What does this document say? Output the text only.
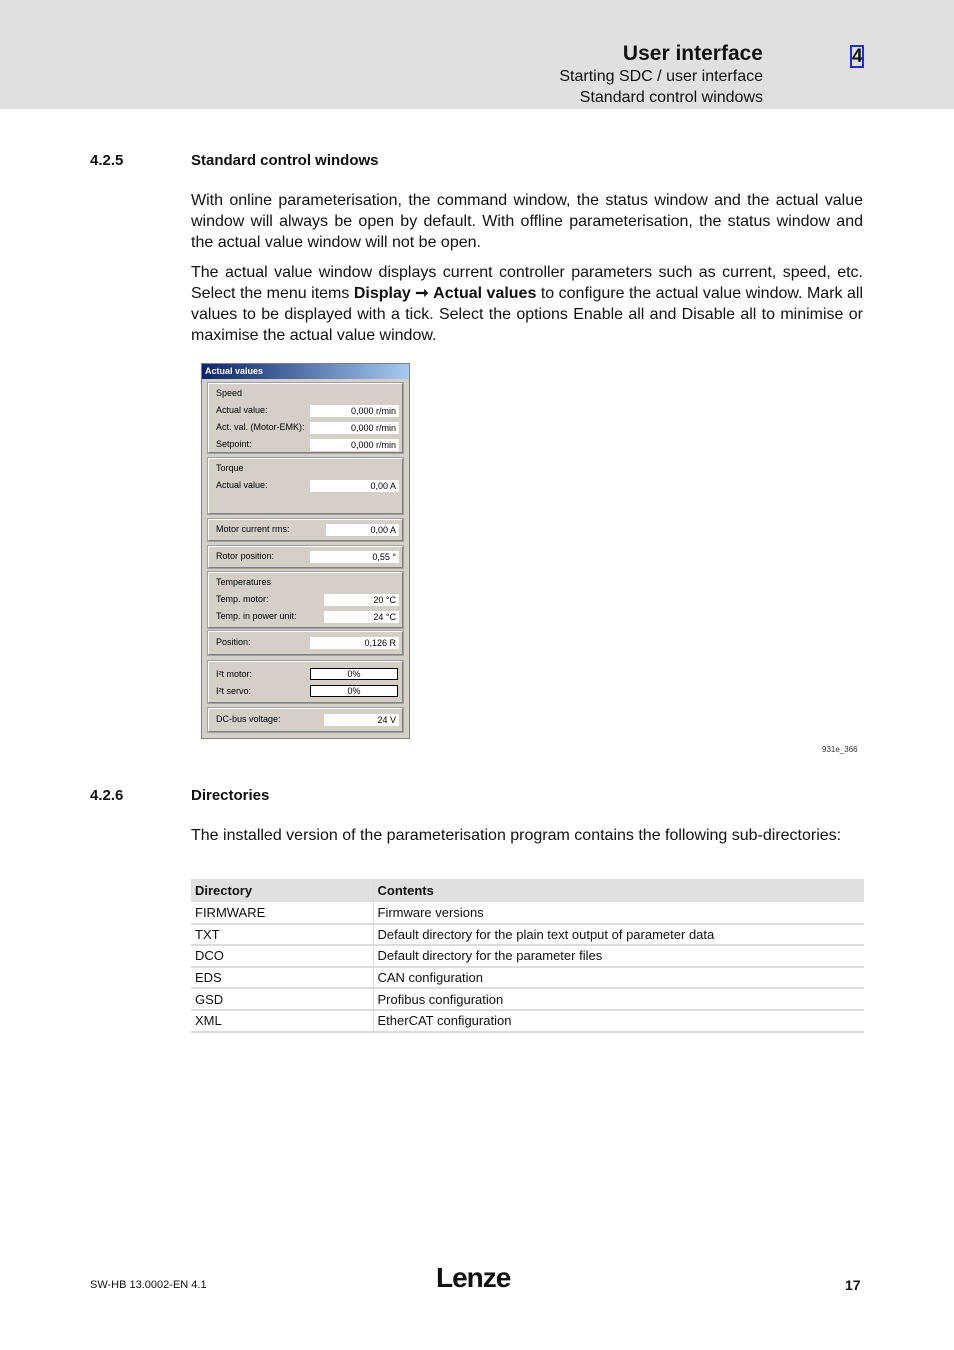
User interface
Starting SDC / user interface
Standard control windows
4
4.2.5	Standard control windows
With online parameterisation, the command window, the status window and the actual value window will always be open by default. With offline parameterisation, the status window and the actual value window will not be open.
The actual value window displays current controller parameters such as current, speed, etc. Select the menu items Display ➞ Actual values to configure the actual value window. Mark all values to be displayed with a tick. Select the options Enable all and Disable all to minimise or maximise the actual value window.
Actual values
Speed
Actual value:	0,000 r/min
Act. val. (Motor-EMK):	0,000 r/min
Setpoint:	0,000 r/min
Torque
Actual value:	0,00 A
Motor current rms:	0,00 A
Rotor position:	0,55 °
Temperatures
Temp. motor:	20 °C
Temp. in power unit:	24 °C
Position:	0,126 R
I²t motor:	0%
I²t servo:	0%
DC-bus voltage:	24 V
931e_366
4.2.6	Directories
The installed version of the parameterisation program contains the following sub-directories:
Directory	Contents
FIRMWARE	Firmware versions
TXT	Default directory for the plain text output of parameter data
DCO	Default directory for the parameter files
EDS	CAN configuration
GSD	Profibus configuration
XML	EtherCAT configuration
SW-HB 13.0002-EN 4.1	Lenze	17
